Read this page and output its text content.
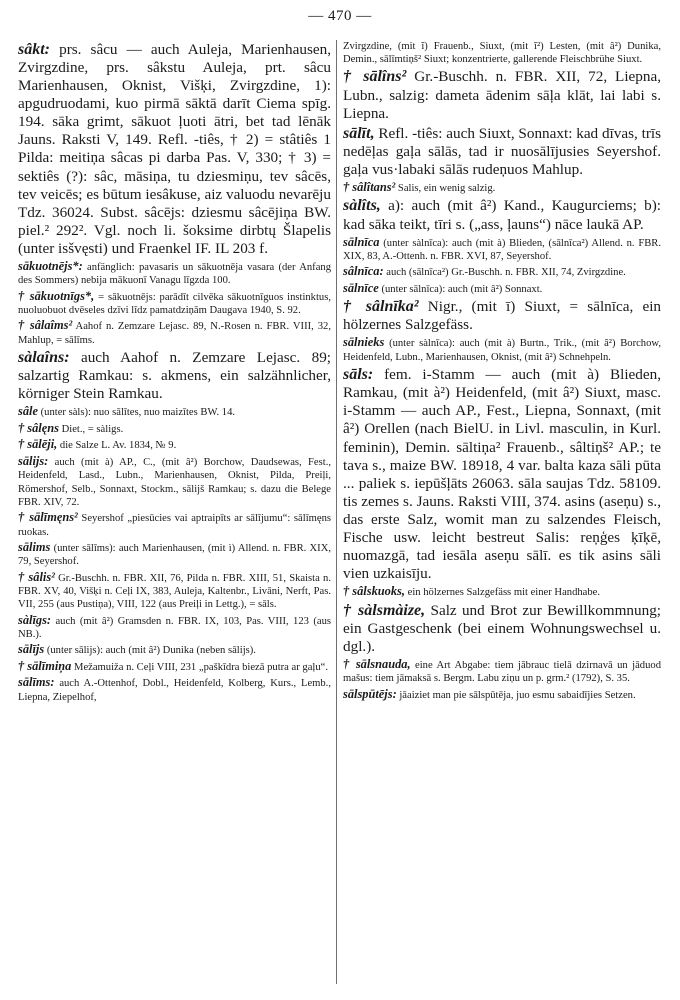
— 470 —

sâkt: prs. sâcu — auch Auleja, Marienhausen, Zvirgzdine, prs. sâkstu Auleja, prt. sâcu Marienhausen, Oknist, Višķi, Zvirgzdine, 1): apgudruodami, kuo pirmā sāktā darīt Ciema spīg. 194. sāka grimt, sākuot ļuoti ātri, bet tad lēnāk Jauns. Raksti V, 149. Refl. -tiês, † 2) = stâtiês 1 Pilda: meitiņa sâcas pi darba Pas. V, 330; † 3) = sektiês (?): sâc, māsiņa, tu dziesmiņu, tev sâcēs, tev veicēs; es būtum iesâkuse, aiz valuodu nevarēju Tdz. 36024. Subst. sâcējs: dziesmu sâcējiņa BW. piel.² 292². Vgl. noch li. šoksime dirbtų Šlapelis (unter isšvęsti) und Fraenkel IF. IL 203 f.

sākuotnējs*: anfänglich: pavasaris un sākuotnēja vasara (der Anfang des Sommers) nebija mākuonī Vanagu līgzda 100.

† sākuotnīgs*, = sākuotnējs: parādīt cilvēka sākuotnīguos instinktus, nuoluobuot dvēseles dzīvi līdz pamatdziņām Daugava 1940, S. 92.

† sâlaîms² Aahof n. Zemzare Lejasc. 89, N.-Rosen n. FBR. VIII, 32, Mahlup, = sālīms.

sàlaîns: auch Aahof n. Zemzare Lejasc. 89; salzartig Ramkau: s. akmens, ein salzähnlicher, körniger Stein Ramkau.

sâle (unter sàls): nuo sālītes, nuo maizītes BW. 14.

† sâlęns Diet., = sàligs.

† sālēji, die Salze L. Av. 1834, № 9.

sālijs: auch (mit à) AP., C., (mit â²) Borchow, Daudsewas, Fest., Heidenfeld, Lasd., Lubn., Marienhausen, Oknist, Pilda, Preiļi, Römershof, Selb., Sonnaxt, Stockm., sālijš Ramkau; s. dazu die Belege FBR. XIV, 72.

† sālīmęns² Seyershof „piesūcies vai aptraipīts ar sālījumu“: sālīmęns ruokas.

sālims (unter sālīms): auch Marienhausen, (mit ì) Allend. n. FBR. XIX, 79, Seyershof.

† sâlis² Gr.-Buschh. n. FBR. XII, 76, Pilda n. FBR. XIII, 51, Skaista n. FBR. XV, 40, Višķi n. Ceļi IX, 383, Auleja, Kaltenbr., Livāni, Nerft, Pas. VII, 255 (aus Pustiņa), VIII, 122 (aus Preiļi in Lettg.), = sāls.

sàlīgs: auch (mit â²) Gramsden n. FBR. IX, 103, Pas. VIII, 123 (aus NB.).

sālījs (unter sālijs): auch (mit â²) Dunika (neben sālijs).

† sālīmiņa Mežamuiža n. Ceļi VIII, 231 „paškīdra biezā putra ar gaļu“.

sālīms: auch A.-Ottenhof, Dobl., Heidenfeld, Kolberg, Kurs., Lemb., Liepna, Ziepelhof,

Zvirgzdine, (mit ĭ) Frauenb., Siuxt, (mit ĭ²) Lesten, (mit â²) Dunika, Demin., sālīmtiņš² Siuxt; konzentrierte, gallerende Fleischbrühe Siuxt.

† sālîns² Gr.-Buschh. n. FBR. XII, 72, Liepna, Lubn., salzig: dameta ādenim sāļa klāt, lai labi s. Liepna.

sālīt, Refl. -tiês: auch Siuxt, Sonnaxt: kad dīvas, trīs nedēļas gaļa sālās, tad ir nuosālījusies Seyershof. gaļa vus·labaki sālās rudeņuos Mahlup.

† sâlîtans² Salis, ein wenig salzig.

sàlîts, a): auch (mit â²) Kand., Kaugurciems; b): kad sāka teikt, tīri s. („ass, ļauns“) nāce laukā AP.

sālnīca (unter sàlnīca): auch (mit à) Blieden, (sālnīca²) Allend. n. FBR. XIX, 83, A.-Ottenh. n. FBR. XVI, 87, Seyershof.

sâlnīca: auch (sālnīca²) Gr.-Buschh. n. FBR. XII, 74, Zvirgzdine.

sālnīce (unter sālnīca): auch (mit â²) Sonnaxt.

† sâlnīka² Nigr., (mit ī) Siuxt, = sālnīca, ein hölzernes Salzgefäss.

sālnieks (unter sàlnīca): auch (mit à) Burtn., Trik., (mit â²) Borchow, Heidenfeld, Lubn., Marienhausen, Oknist, (mit â²) Schnehpeln.

sāls: fem. i-Stamm — auch (mit à) Blieden, Ramkau, (mit à²) Heidenfeld, (mit â²) Siuxt, masc. i-Stamm — auch AP., Fest., Liepna, Sonnaxt, (mit â²) Orellen (nach BielU. in Livl. masculin, in Kurl. feminin), Demin. sāltiņa² Frauenb., sâltiņš² AP.; te tava s., maize BW. 18918, 4 var. balta kaza sāli pūta ... paliek s. iepūšļāts 26063. sāla saujas Tdz. 58109. tis zemes s. Jauns. Raksti VIII, 374. asins (aseņu) s., das erste Salz, womit man zu salzendes Fleisch, Fische usw. leicht bestreut Salis: reņģes ķīķē, nuomazgā, tad iesāla aseņu sālī. es tik asins sāli vien uzkaisīju.

† sâlskuoks, ein hölzernes Salzgefäss mit einer Handhabe.

† sàlsmàize, Salz und Brot zur Bewillkommnung; ein Gastgeschenk (bei einem Wohnungswechsel u. dgl.).

† sālsnauda, eine Art Abgabe: tiem jābrauc tielā dzirnavā un jāduod mašus: tiem jāmaksā s. Bergm. Labu ziņu un p. grm.² (1792), S. 35.

sālspūtējs: jāaiziet man pie sālspūtēja, juo esmu sabaidījies Setzen.
